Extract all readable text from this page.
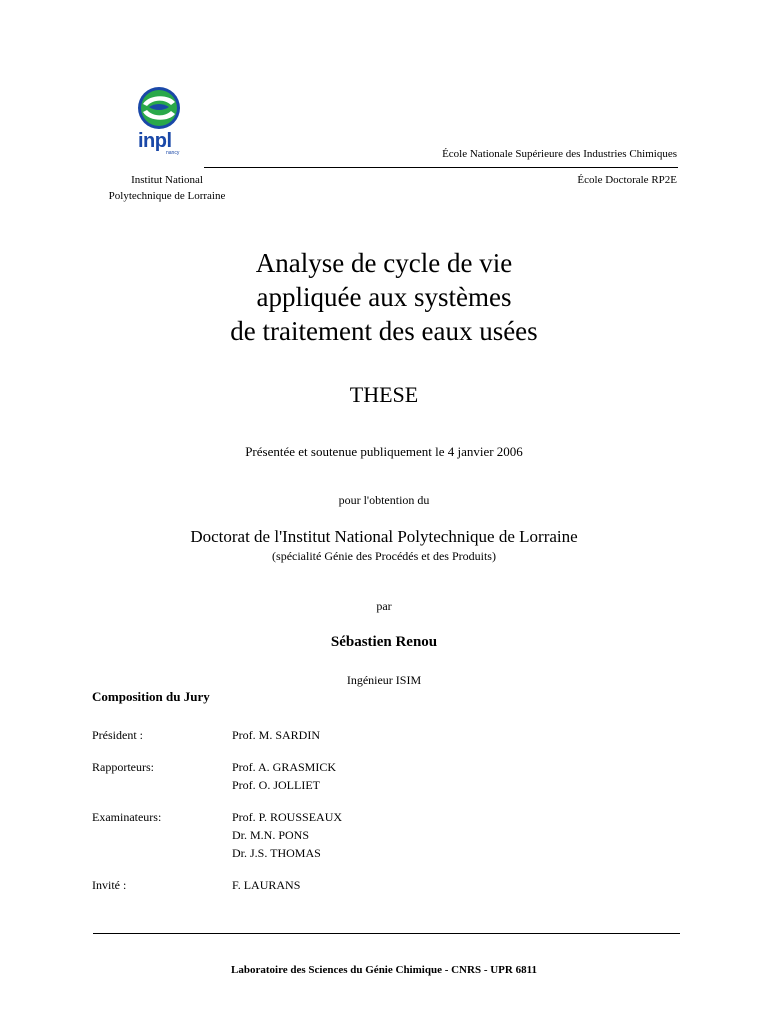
inpl
nancy	École Nationale Supérieure des Industries Chimiques
Institut National
Polytechnique de Lorraine
École Doctorale RP2E
Analyse de cycle de vie
appliquée aux systèmes
de traitement des eaux usées
THESE
Présentée et soutenue publiquement le 4 janvier 2006
pour l'obtention du
Doctorat de l'Institut National Polytechnique de Lorraine
(spécialité Génie des Procédés et des Produits)
par
Sébastien Renou
Ingénieur ISIM
Composition du Jury
Président :	Prof. M. SARDIN
Rapporteurs:	Prof. A. GRASMICK
Prof. O. JOLLIET
Examinateurs:	Prof. P. ROUSSEAUX
Dr. M.N. PONS
Dr. J.S. THOMAS
Invité :	F. LAURANS
Laboratoire des Sciences du Génie Chimique - CNRS - UPR 6811
